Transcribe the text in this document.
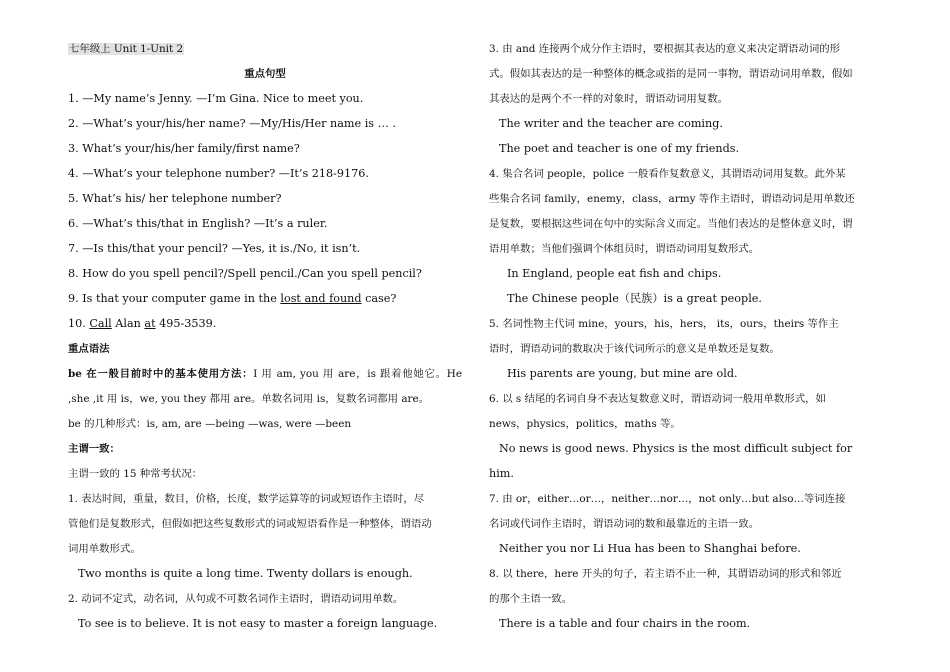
七年级上 Unit 1-Unit 2
重点句型
1. —My name’s Jenny. —I’m Gina. Nice to meet you.
2. —What’s your/his/her name? —My/His/Her name is … .
3. What’s your/his/her family/first name?
4. —What’s your telephone number? —It’s 218-9176.
5. What’s his/ her telephone number?
6. —What’s this/that in English? —It’s a ruler.
7. —Is this/that your pencil? —Yes, it is./No, it isn’t.
8. How do you spell pencil?/Spell pencil./Can you spell pencil?
9. Is that your computer game in the lost and found case?
10. Call Alan at 495-3539.
重点语法
be 在一般目前时中的基本使用方法：I 用 am, you 用 are，is 跟着他她它。He
,she ,it 用 is，we, you they 都用 are。单数名词用 is，复数名词都用 are。
be 的几种形式：is, am, are —being —was, were —been
主谓一致：
主谓一致的 15 种常考状况：
1. 表达时间，重量，数目，价格，长度，数学运算等的词或短语作主语时，尽
管他们是复数形式，但假如把这些复数形式的词或短语看作是一种整体，谓语动
词用单数形式。
Two months is quite a long time. Twenty dollars is enough.
2. 动词不定式，动名词，从句或不可数名词作主语时，谓语动词用单数。
To see is to believe. It is not easy to master a foreign language.
3. 由 and 连接两个成分作主语时，要根据其表达的意义来决定谓语动词的形
式。假如其表达的是一种整体的概念或指的是同一事物，谓语动词用单数，假如
其表达的是两个不一样的对象时，谓语动词用复数。
The writer and the teacher are coming.
The poet and teacher is one of my friends.
4. 集合名词 people，police 一般看作复数意义，其谓语动词用复数。此外某
些集合名词 family，enemy，class，army 等作主语时，谓语动词是用单数还
是复数，要根据这些词在句中的实际含义而定。当他们表达的是整体意义时，谓
语用单数；当他们强调个体组员时，谓语动词用复数形式。
In England, people eat fish and chips.
The Chinese people（民族）is a great people.
5. 名词性物主代词 mine，yours，his，hers， its，ours，theirs 等作主
语时，谓语动词的数取决于该代词所示的意义是单数还是复数。
His parents are young, but mine are old.
6. 以 s 结尾的名词自身不表达复数意义时，谓语动词一般用单数形式，如
news，physics，politics，maths 等。
No news is good news. Physics is the most difficult subject for
him.
7. 由 or，either…or…，neither…nor…，not only…but also…等词连接
名词或代词作主语时，谓语动词的数和最靠近的主语一致。
Neither you nor Li Hua has been to Shanghai before.
8. 以 there，here 开头的句子，若主语不止一种，其谓语动词的形式和邻近
的那个主语一致。
There is a table and four chairs in the room.
